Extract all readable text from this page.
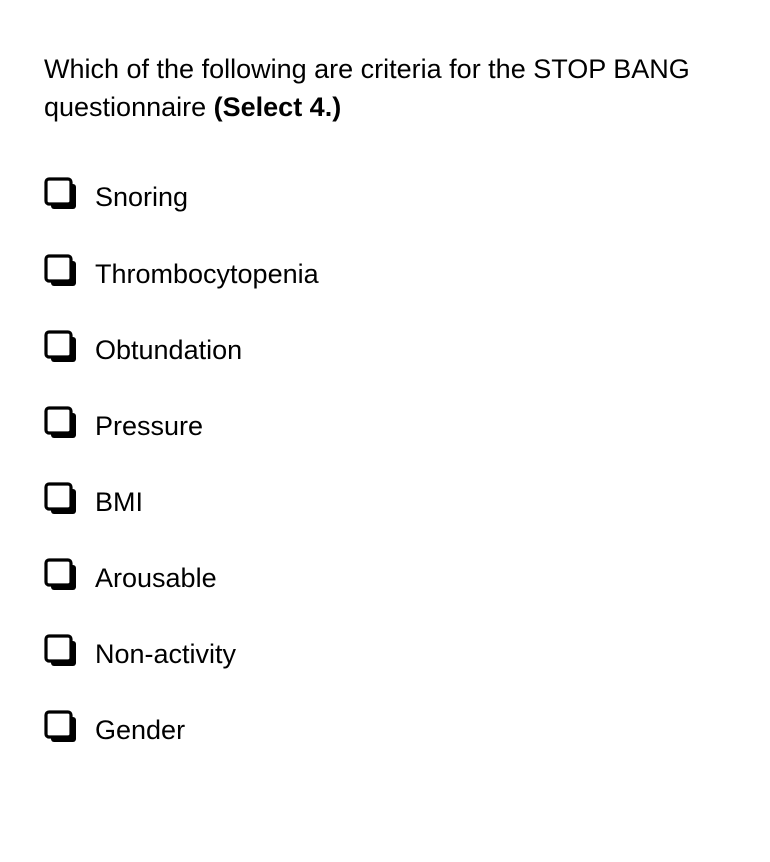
Which of the following are criteria for the STOP BANG questionnaire (Select 4.)
Snoring
Thrombocytopenia
Obtundation
Pressure
BMI
Arousable
Non-activity
Gender
